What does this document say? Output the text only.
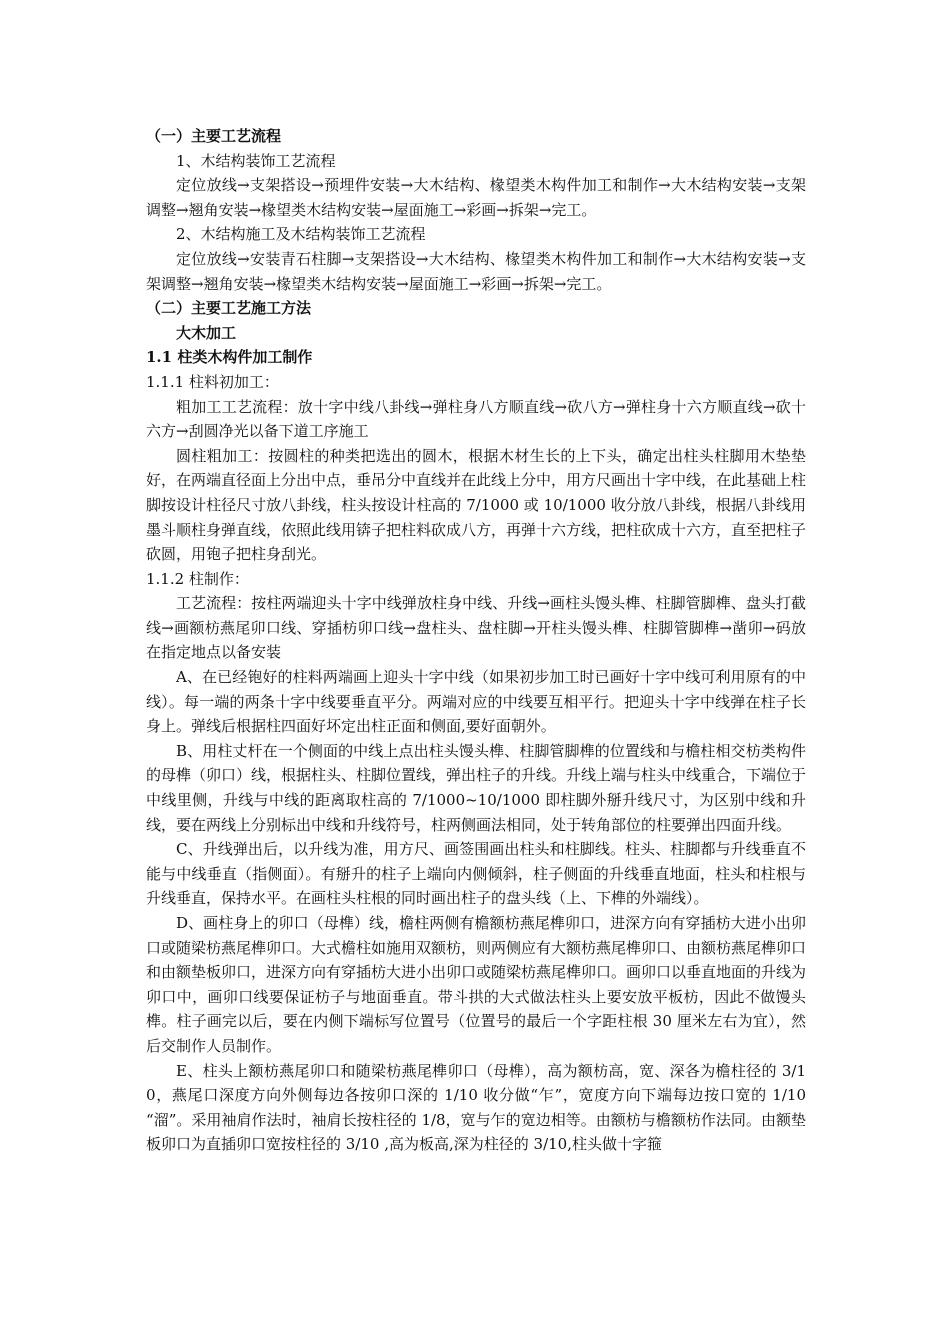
（一）主要工艺流程

1、木结构装饰工艺流程

定位放线→支架搭设→预埋件安装→大木结构、椽望类木构件加工和制作→大木结构安装→支架调整→翘角安装→椽望类木结构安装→屋面施工→彩画→拆架→完工。

2、木结构施工及木结构装饰工艺流程

定位放线→安装青石柱脚→支架搭设→大木结构、椽望类木构件加工和制作→大木结构安装→支架调整→翘角安装→椽望类木结构安装→屋面施工→彩画→拆架→完工。

（二）主要工艺施工方法

大木加工

1.1 柱类木构件加工制作

1.1.1 柱料初加工：

粗加工工艺流程：放十字中线八卦线→弹柱身八方顺直线→砍八方→弹柱身十六方顺直线→砍十六方→刮圆净光以备下道工序施工

圆柱粗加工：按圆柱的种类把选出的圆木，根据木材生长的上下头，确定出柱头柱脚用木垫垫好，在两端直径面上分出中点，垂吊分中直线并在此线上分中，用方尺画出十字中线，在此基础上柱脚按设计柱径尺寸放八卦线，柱头按设计柱高的 7/1000 或 10/1000 收分放八卦线，根据八卦线用墨斗顺柱身弹直线，依照此线用锛子把柱料砍成八方，再弹十六方线，把柱砍成十六方，直至把柱子砍圆，用铇子把柱身刮光。

1.1.2 柱制作：

工艺流程：按柱两端迎头十字中线弹放柱身中线、升线→画柱头馒头榫、柱脚管脚榫、盘头打截线→画额枋燕尾卯口线、穿插枋卯口线→盘柱头、盘柱脚→开柱头馒头榫、柱脚管脚榫→凿卯→码放在指定地点以备安装

A、在已经铇好的柱料两端画上迎头十字中线（如果初步加工时已画好十字中线可利用原有的中线）。每一端的两条十字中线要垂直平分。两端对应的中线要互相平行。把迎头十字中线弹在柱子长身上。弹线后根据柱四面好坏定出柱正面和侧面,要好面朝外。

B、用柱丈杆在一个侧面的中线上点出柱头馒头榫、柱脚管脚榫的位置线和与檐柱相交枋类构件的母榫（卯口）线，根据柱头、柱脚位置线，弹出柱子的升线。升线上端与柱头中线重合，下端位于中线里侧，升线与中线的距离取柱高的 7/1000~10/1000 即柱脚外掰升线尺寸，为区别中线和升线，要在两线上分别标出中线和升线符号，柱两侧画法相同，处于转角部位的柱要弹出四面升线。

C、升线弹出后，以升线为准，用方尺、画签围画出柱头和柱脚线。柱头、柱脚都与升线垂直不能与中线垂直（指侧面）。有掰升的柱子上端向内侧倾斜，柱子侧面的升线垂直地面，柱头和柱根与升线垂直，保持水平。在画柱头柱根的同时画出柱子的盘头线（上、下榫的外端线）。

D、画柱身上的卯口（母榫）线，檐柱两侧有檐额枋燕尾榫卯口，进深方向有穿插枋大进小出卯口或随梁枋燕尾榫卯口。大式檐柱如施用双额枋，则两侧应有大额枋燕尾榫卯口、由额枋燕尾榫卯口和由额垫板卯口，进深方向有穿插枋大进小出卯口或随梁枋燕尾榫卯口。画卯口以垂直地面的升线为卯口中，画卯口线要保证枋子与地面垂直。带斗拱的大式做法柱头上要安放平板枋，因此不做馒头榫。柱子画完以后，要在内侧下端标写位置号（位置号的最后一个字距柱根 30 厘米左右为宜），然后交制作人员制作。

E、柱头上额枋燕尾卯口和随梁枋燕尾榫卯口（母榫），高为额枋高，宽、深各为檐柱径的 3/10，燕尾口深度方向外侧每边各按卯口深的 1/10 收分做“乍”，宽度方向下端每边按口宽的 1/10 “溜”。采用袖肩作法时，袖肩长按柱径的 1/8，宽与乍的宽边相等。由额枋与檐额枋作法同。由额垫板卯口为直插卯口宽按柱径的 3/10 ,高为板高,深为柱径的 3/10,柱头做十字箍
